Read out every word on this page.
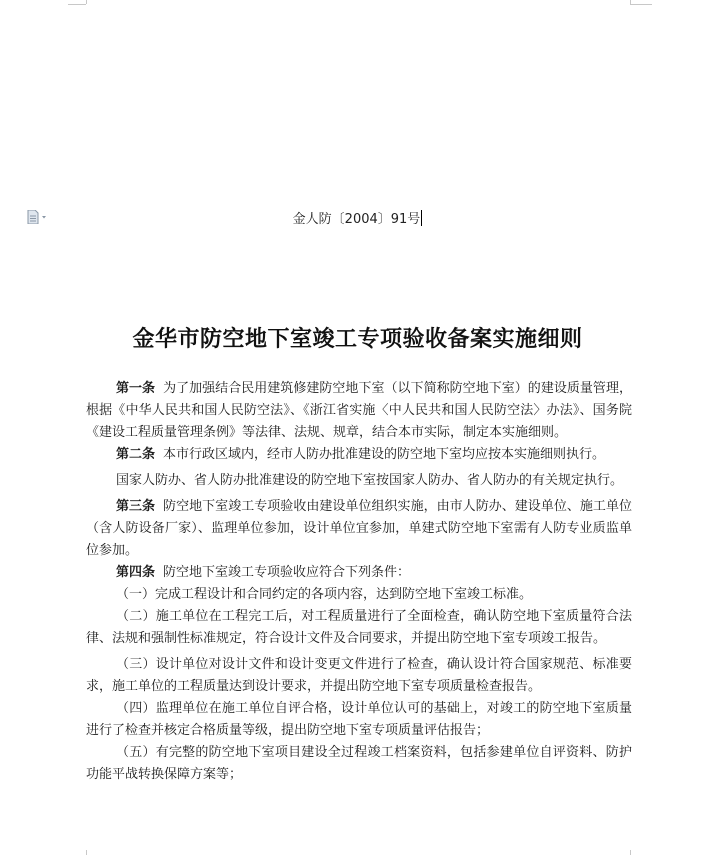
金人防〔2004〕91号
金华市防空地下室竣工专项验收备案实施细则

第一条 为了加强结合民用建筑修建防空地下室（以下简称防空地下室）的建设质量管理，根据《中华人民共和国人民防空法》、《浙江省实施〈中人民共和国人民防空法〉办法》、国务院《建设工程质量管理条例》等法律、法规、规章，结合本市实际，制定本实施细则。

第二条 本市行政区域内，经市人防办批准建设的防空地下室均应按本实施细则执行。

国家人防办、省人防办批准建设的防空地下室按国家人防办、省人防办的有关规定执行。

第三条 防空地下室竣工专项验收由建设单位组织实施，由市人防办、建设单位、施工单位（含人防设备厂家）、监理单位参加，设计单位宜参加，单建式防空地下室需有人防专业质监单位参加。

第四条 防空地下室竣工专项验收应符合下列条件：

（一）完成工程设计和合同约定的各项内容，达到防空地下室竣工标准。

（二）施工单位在工程完工后，对工程质量进行了全面检查，确认防空地下室质量符合法律、法规和强制性标准规定，符合设计文件及合同要求，并提出防空地下室专项竣工报告。

（三）设计单位对设计文件和设计变更文件进行了检查，确认设计符合国家规范、标准要求，施工单位的工程质量达到设计要求，并提出防空地下室专项质量检查报告。

（四）监理单位在施工单位自评合格，设计单位认可的基础上，对竣工的防空地下室质量进行了检查并核定合格质量等级，提出防空地下室专项质量评估报告；

（五）有完整的防空地下室项目建设全过程竣工档案资料，包括参建单位自评资料、防护功能平战转换保障方案等；
